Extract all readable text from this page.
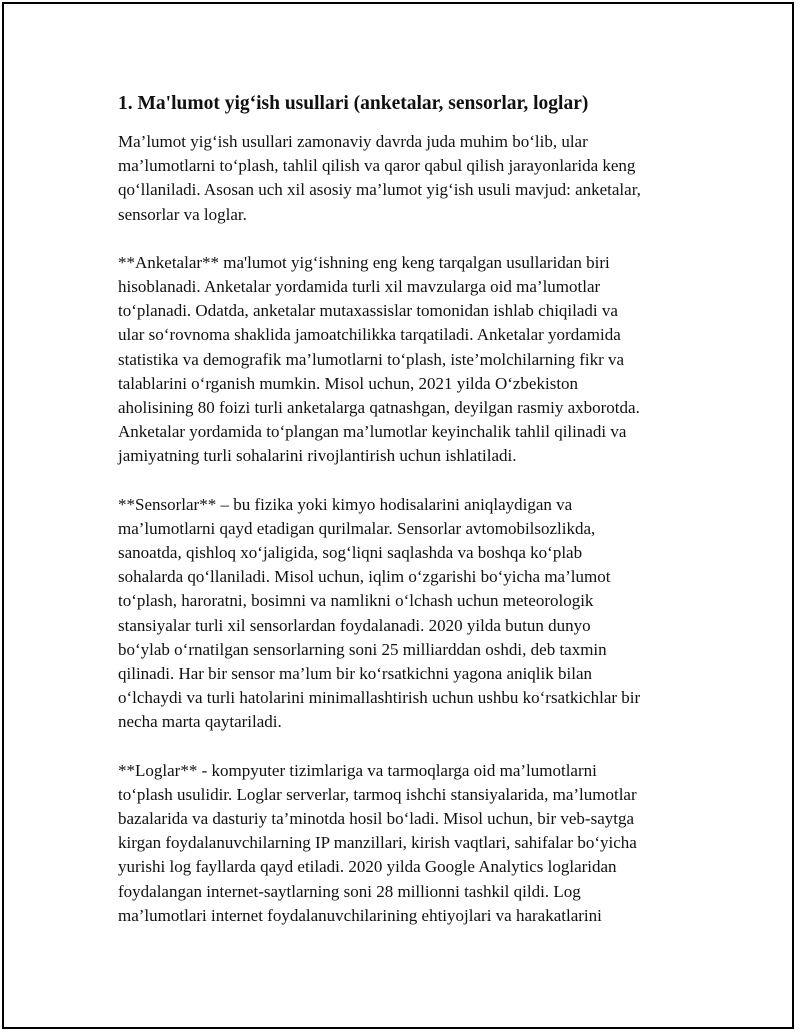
1. Ma'lumot yig‘ish usullari (anketalar, sensorlar, loglar)

Ma’lumot yig‘ish usullari zamonaviy davrda juda muhim bo‘lib, ular
ma’lumotlarni to‘plash, tahlil qilish va qaror qabul qilish jarayonlarida keng
qo‘llaniladi. Asosan uch xil asosiy ma’lumot yig‘ish usuli mavjud: anketalar,
sensorlar va loglar.

**Anketalar** ma'lumot yig‘ishning eng keng tarqalgan usullaridan biri
hisoblanadi. Anketalar yordamida turli xil mavzularga oid ma’lumotlar
to‘planadi. Odatda, anketalar mutaxassislar tomonidan ishlab chiqiladi va
ular so‘rovnoma shaklida jamoatchilikka tarqatiladi. Anketalar yordamida
statistika va demografik ma’lumotlarni to‘plash, iste’molchilarning fikr va
talablarini o‘rganish mumkin. Misol uchun, 2021 yilda O‘zbekiston
aholisining 80 foizi turli anketalarga qatnashgan, deyilgan rasmiy axborotda.
Anketalar yordamida to‘plangan ma’lumotlar keyinchalik tahlil qilinadi va
jamiyatning turli sohalarini rivojlantirish uchun ishlatiladi.

**Sensorlar** – bu fizika yoki kimyo hodisalarini aniqlaydigan va
ma’lumotlarni qayd etadigan qurilmalar. Sensorlar avtomobilsozlikda,
sanoatda, qishloq xo‘jaligida, sog‘liqni saqlashda va boshqa ko‘plab
sohalarda qo‘llaniladi. Misol uchun, iqlim o‘zgarishi bo‘yicha ma’lumot
to‘plash, haroratni, bosimni va namlikni o‘lchash uchun meteorologik
stansiyalar turli xil sensorlardan foydalanadi. 2020 yilda butun dunyo
bo‘ylab o‘rnatilgan sensorlarning soni 25 milliarddan oshdi, deb taxmin
qilinadi. Har bir sensor ma’lum bir ko‘rsatkichni yagona aniqlik bilan
o‘lchaydi va turli hatolarini minimallashtirish uchun ushbu ko‘rsatkichlar bir
necha marta qaytariladi.

**Loglar** - kompyuter tizimlariga va tarmoqlarga oid ma’lumotlarni
to‘plash usulidir. Loglar serverlar, tarmoq ishchi stansiyalarida, ma’lumotlar
bazalarida va dasturiy ta’minotda hosil bo‘ladi. Misol uchun, bir veb-saytga
kirgan foydalanuvchilarning IP manzillari, kirish vaqtlari, sahifalar bo‘yicha
yurishi log fayllarda qayd etiladi. 2020 yilda Google Analytics loglaridan
foydalangan internet-saytlarning soni 28 millionni tashkil qildi. Log
ma’lumotlari internet foydalanuvchilarining ehtiyojlari va harakatlarini
